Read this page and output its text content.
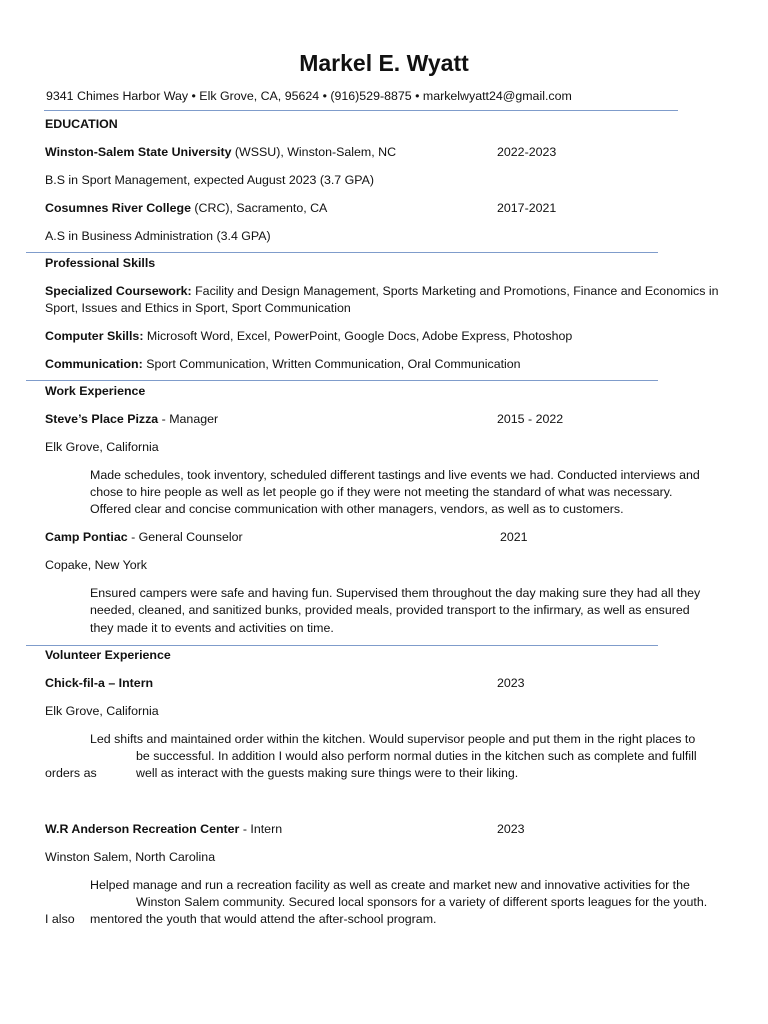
Markel E. Wyatt
9341 Chimes Harbor Way • Elk Grove, CA, 95624 • (916)529-8875 • markelwyatt24@gmail.com
EDUCATION
Winston-Salem State University (WSSU), Winston-Salem, NC	2022-2023
B.S in Sport Management, expected August 2023 (3.7 GPA)
Cosumnes River College (CRC), Sacramento, CA	2017-2021
A.S in Business Administration (3.4 GPA)
Professional Skills
Specialized Coursework: Facility and Design Management, Sports Marketing and Promotions, Finance and Economics in
Sport, Issues and Ethics in Sport, Sport Communication
Computer Skills: Microsoft Word, Excel, PowerPoint, Google Docs, Adobe Express, Photoshop
Communication: Sport Communication, Written Communication, Oral Communication
Work Experience
Steve’s Place Pizza - Manager	2015 - 2022
Elk Grove, California
Made schedules, took inventory, scheduled different tastings and live events we had. Conducted interviews and
chose to hire people as well as let people go if they were not meeting the standard of what was necessary.
Offered clear and concise communication with other managers, vendors, as well as to customers.
Camp Pontiac - General Counselor	2021
Copake, New York
Ensured campers were safe and having fun. Supervised them throughout the day making sure they had all they
needed, cleaned, and sanitized bunks, provided meals, provided transport to the infirmary, as well as ensured
they made it to events and activities on time.
Volunteer Experience
Chick-fil-a – Intern	2023
Elk Grove, California
Led shifts and maintained order within the kitchen. Would supervisor people and put them in the right places to
be successful. In addition I would also perform normal duties in the kitchen such as complete and fulfill
orders as	well as interact with the guests making sure things were to their liking.
W.R Anderson Recreation Center - Intern	2023
Winston Salem, North Carolina
Helped manage and run a recreation facility as well as create and market new and innovative activities for the
Winston Salem community. Secured local sponsors for a variety of different sports leagues for the youth.
I also mentored the youth that would attend the after-school program.
